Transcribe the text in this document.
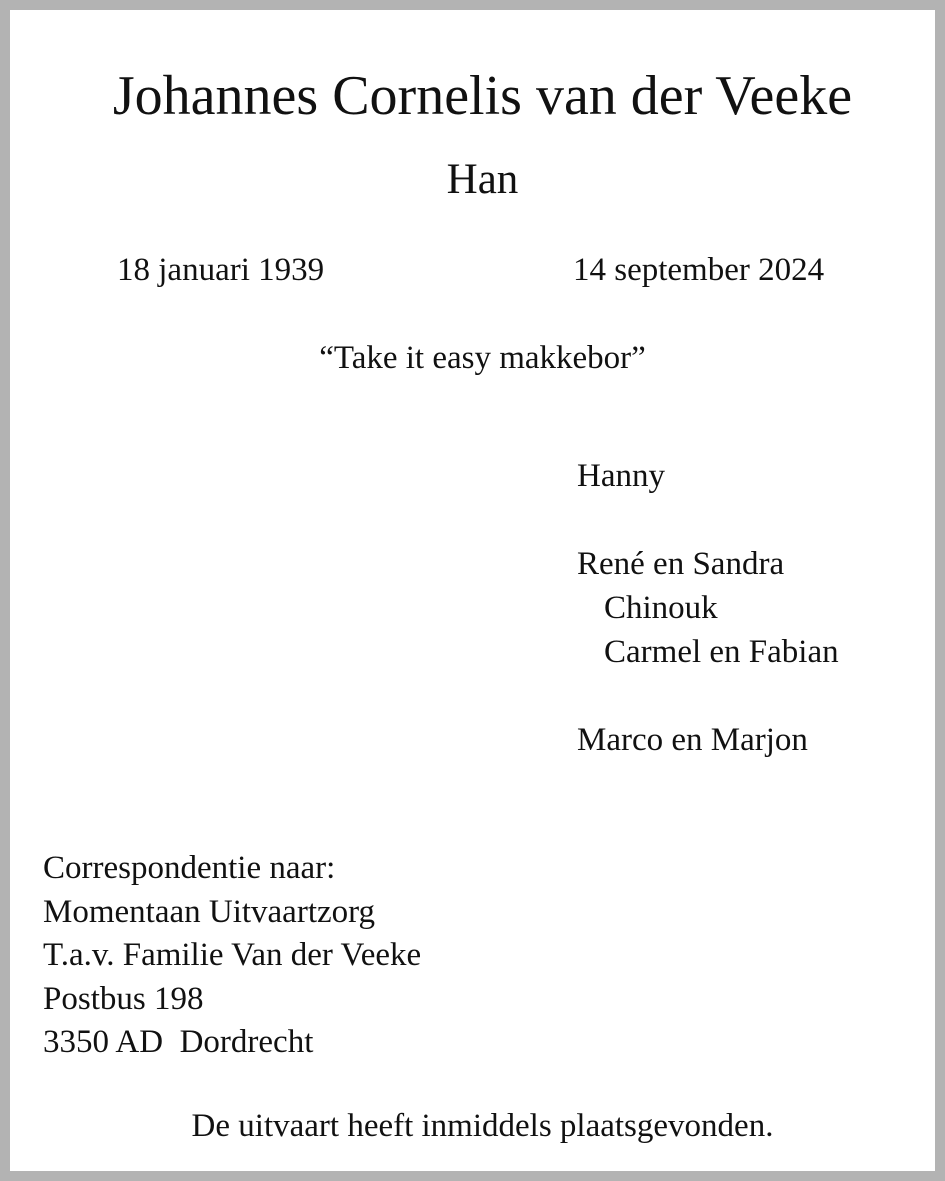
Johannes Cornelis van der Veeke
Han
18 januari 1939	14 september 2024
“Take it easy makkebor”
Hanny
René en Sandra
Chinouk
Carmel en Fabian
Marco en Marjon
Correspondentie naar:
Momentaan Uitvaartzorg
T.a.v. Familie Van der Veeke
Postbus 198
3350 AD  Dordrecht
De uitvaart heeft inmiddels plaatsgevonden.
